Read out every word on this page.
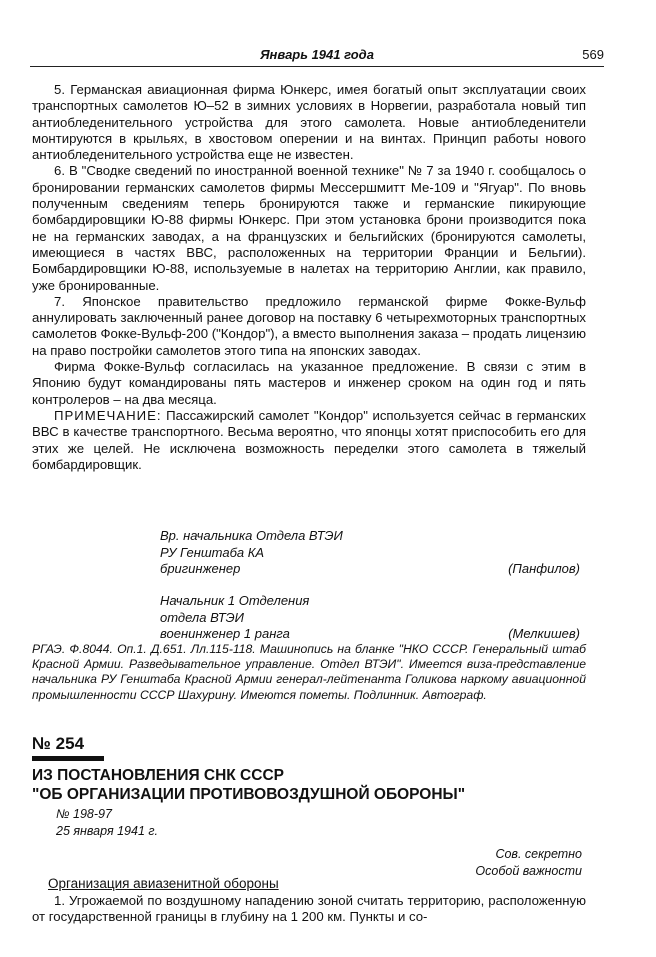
Январь 1941 года	569

5. Германская авиационная фирма Юнкерс, имея богатый опыт эксплуатации своих транспортных самолетов Ю–52 в зимних условиях в Норвегии, разработала новый тип антиобледенительного устройства для этого самолета. Новые антиобледенители монтируются в крыльях, в хвостовом оперении и на винтах. Принцип работы нового антиобледенительного устройства еще не известен.

6. В "Сводке сведений по иностранной военной технике" № 7 за 1940 г. сообщалось о бронировании германских самолетов фирмы Мессершмитт Ме-109 и "Ягуар". По вновь полученным сведениям теперь бронируются также и германские пикирующие бомбардировщики Ю-88 фирмы Юнкерс. При этом установка брони производится пока не на германских заводах, а на французских и бельгийских (бронируются самолеты, имеющиеся в частях ВВС, расположенных на территории Франции и Бельгии). Бомбардировщики Ю-88, используемые в налетах на территорию Англии, как правило, уже бронированные.

7. Японское правительство предложило германской фирме Фокке-Вульф аннулировать заключенный ранее договор на поставку 6 четырехмоторных транспортных самолетов Фокке-Вульф-200 ("Кондор"), а вместо выполнения заказа – продать лицензию на право постройки самолетов этого типа на японских заводах.

Фирма Фокке-Вульф согласилась на указанное предложение. В связи с этим в Японию будут командированы пять мастеров и инженер сроком на один год и пять контролеров – на два месяца.

ПРИМЕЧАНИЕ: Пассажирский самолет "Кондор" используется сейчас в германских ВВС в качестве транспортного. Весьма вероятно, что японцы хотят приспособить его для этих же целей. Не исключена возможность переделки этого самолета в тяжелый бомбардировщик.

Вр. начальника Отдела ВТЭИ
РУ Генштаба КА
бригинженер	(Панфилов)
Начальник 1 Отделения
отдела ВТЭИ
военинженер 1 ранга	(Мелкишев)
РГАЭ. Ф.8044. Оп.1. Д.651. Лл.115-118. Машинопись на бланке "НКО СССР. Генеральный штаб Красной Армии. Разведывательное управление. Отдел ВТЭИ". Имеется виза-представление начальника РУ Генштаба Красной Армии генерал-лейтенанта Голикова наркому авиационной промышленности СССР Шахурину. Имеются пометы. Подлинник. Автограф.
№ 254
ИЗ ПОСТАНОВЛЕНИЯ СНК СССР
"ОБ ОРГАНИЗАЦИИ ПРОТИВОВОЗДУШНОЙ ОБОРОНЫ"
№ 198-97
25 января 1941 г.
Сов. секретно
Особой важности
Организация авиазенитной обороны

1. Угрожаемой по воздушному нападению зоной считать территорию, расположенную от государственной границы в глубину на 1 200 км. Пункты и со-
